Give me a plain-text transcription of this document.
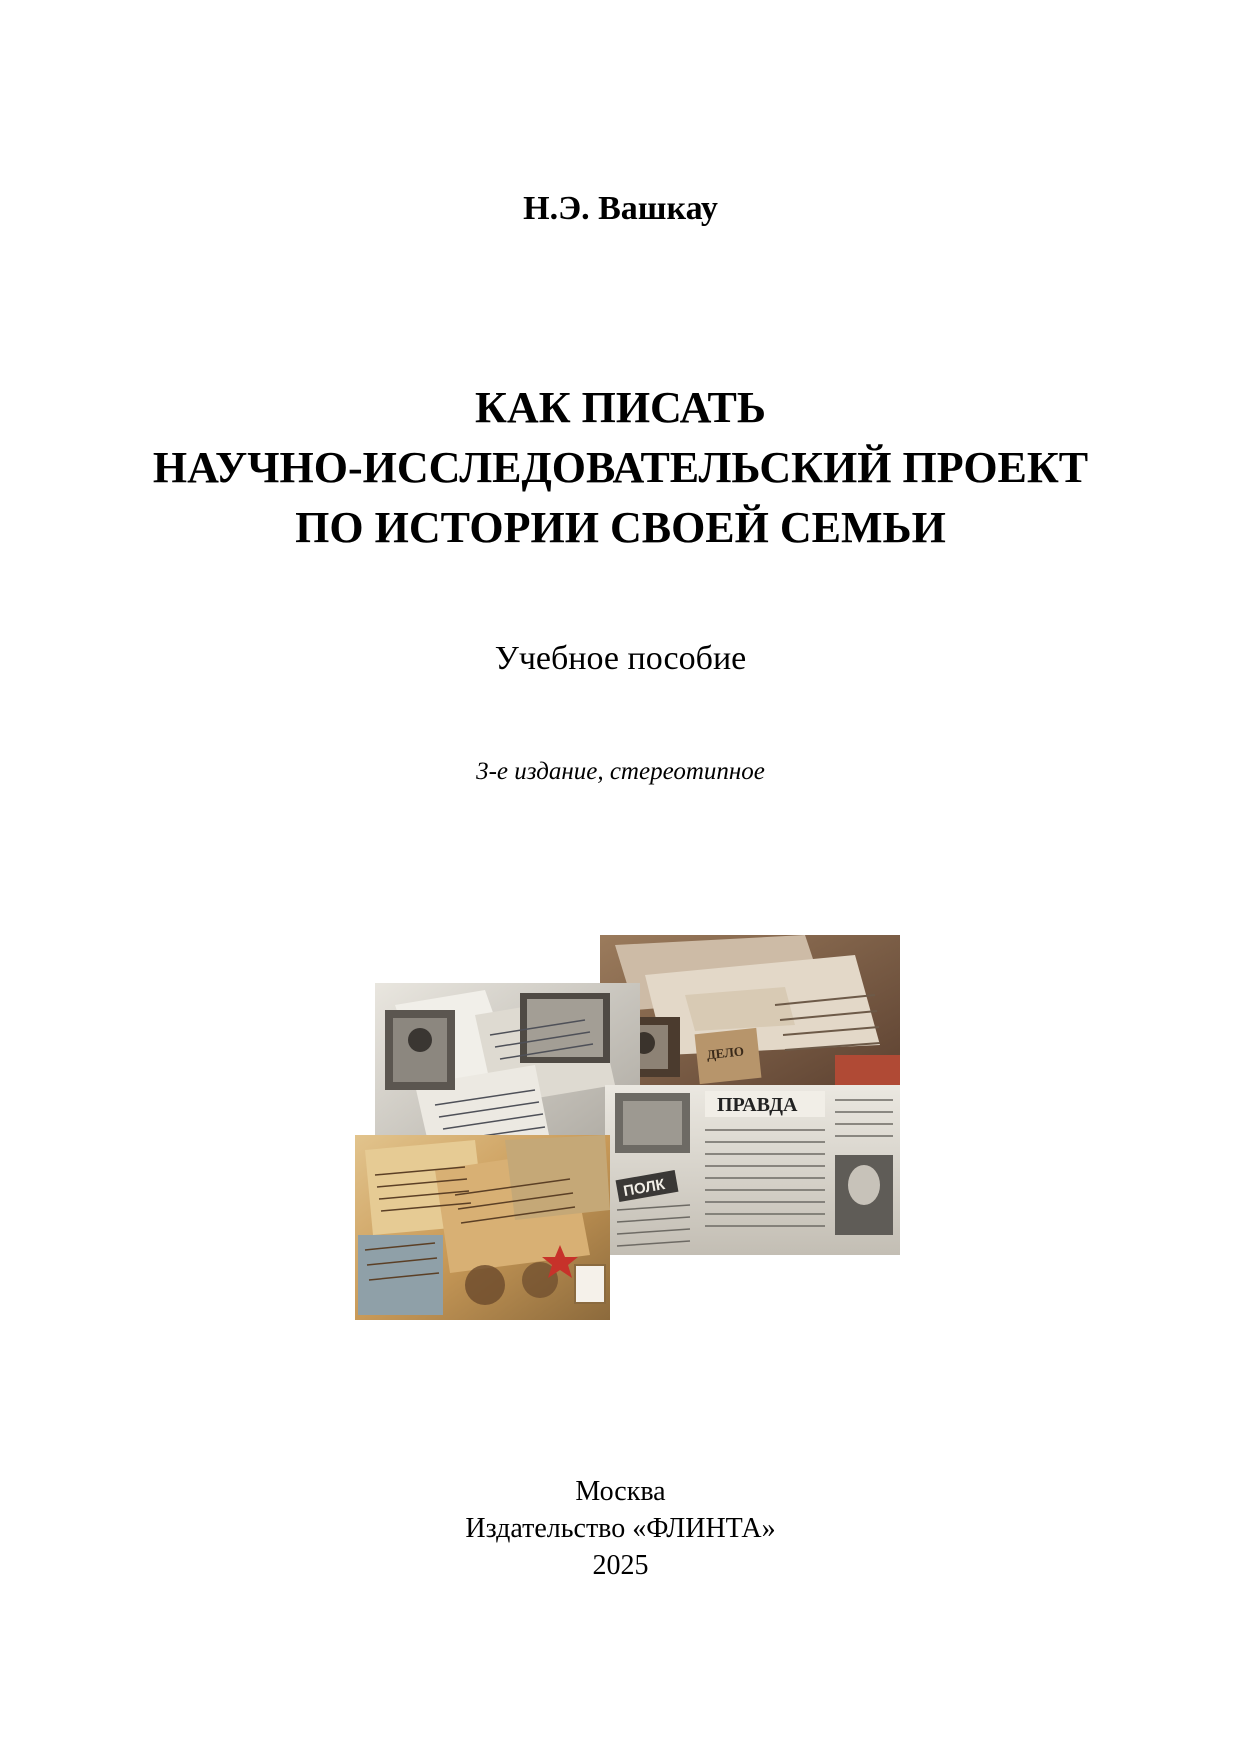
Н.Э. Вашкау
КАК ПИСАТЬ
НАУЧНО-ИССЛЕДОВАТЕЛЬСКИЙ ПРОЕКТ
ПО ИСТОРИИ СВОЕЙ СЕМЬИ
Учебное пособие
3-е издание, стереотипное
ДЕЛО
ПРАВДА
ПОЛК
Москва
Издательство «ФЛИНТА»
2025
